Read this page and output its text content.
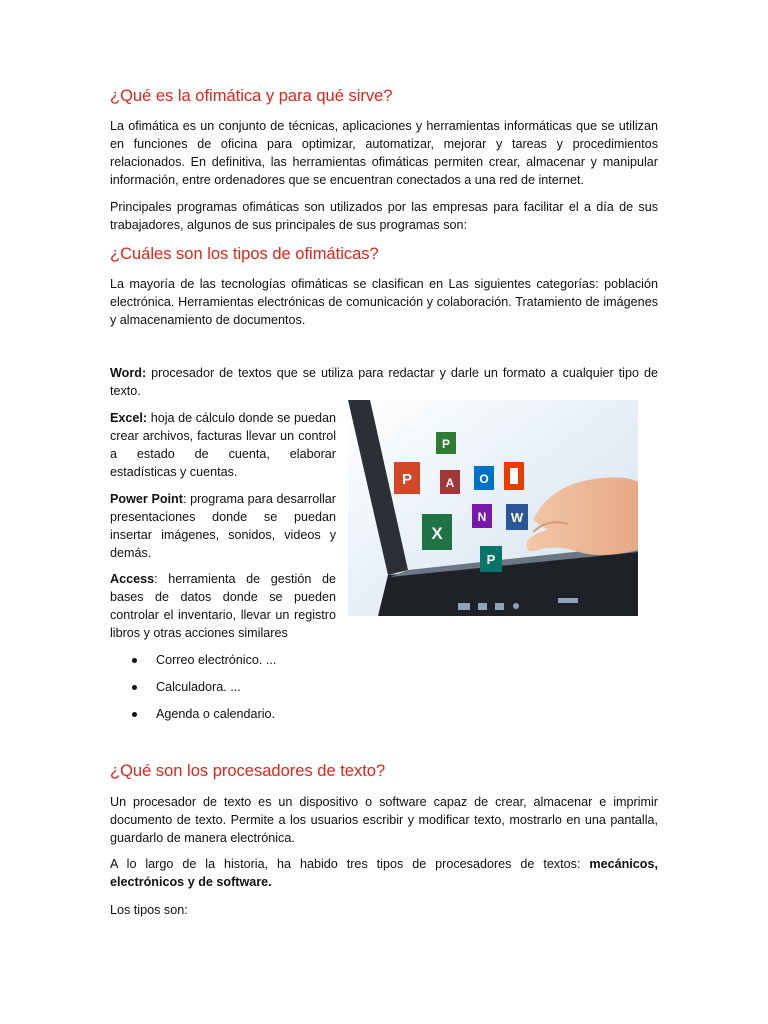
¿Qué es la ofimática y para qué sirve?

La ofimática es un conjunto de técnicas, aplicaciones y herramientas informáticas que se utilizan en funciones de oficina para optimizar, automatizar, mejorar y tareas y procedimientos relacionados. En definitiva, las herramientas ofimáticas permiten crear, almacenar y manipular información, entre ordenadores que se encuentran conectados a una red de internet.

Principales programas ofimáticas son utilizados por las empresas para facilitar el a día de sus trabajadores, algunos de sus principales de sus programas son:

¿Cuáles son los tipos de ofimáticas?

La mayoría de las tecnologías ofimáticas se clasifican en Las siguientes categorías: población electrónica. Herramientas electrónicas de comunicación y colaboración. Tratamiento de imágenes y almacenamiento de documentos.

Word: procesador de textos que se utiliza para redactar y darle un formato a cualquier tipo de texto.

Excel: hoja de cálculo donde se puedan crear archivos, facturas llevar un control a estado de cuenta, elaborar estadísticas y cuentas.

Power Point: programa para desarrollar presentaciones donde se puedan insertar imágenes, sonidos, videos y demás.

Access: herramienta de gestión de bases de datos donde se pueden controlar el inventario, llevar un registro libros y otras acciones similares

Correo electrónico. ...
Calculadora. ...
Agenda o calendario.
¿Qué son los procesadores de texto?

Un procesador de texto es un dispositivo o software capaz de crear, almacenar e imprimir documento de texto. Permite a los usuarios escribir y modificar texto, mostrarlo en una pantalla, guardarlo de manera electrónica.

A lo largo de la historia, ha habido tres tipos de procesadores de textos: mecánicos, electrónicos y de software.

Los tipos son:

P
P	A O
X
N W
P
